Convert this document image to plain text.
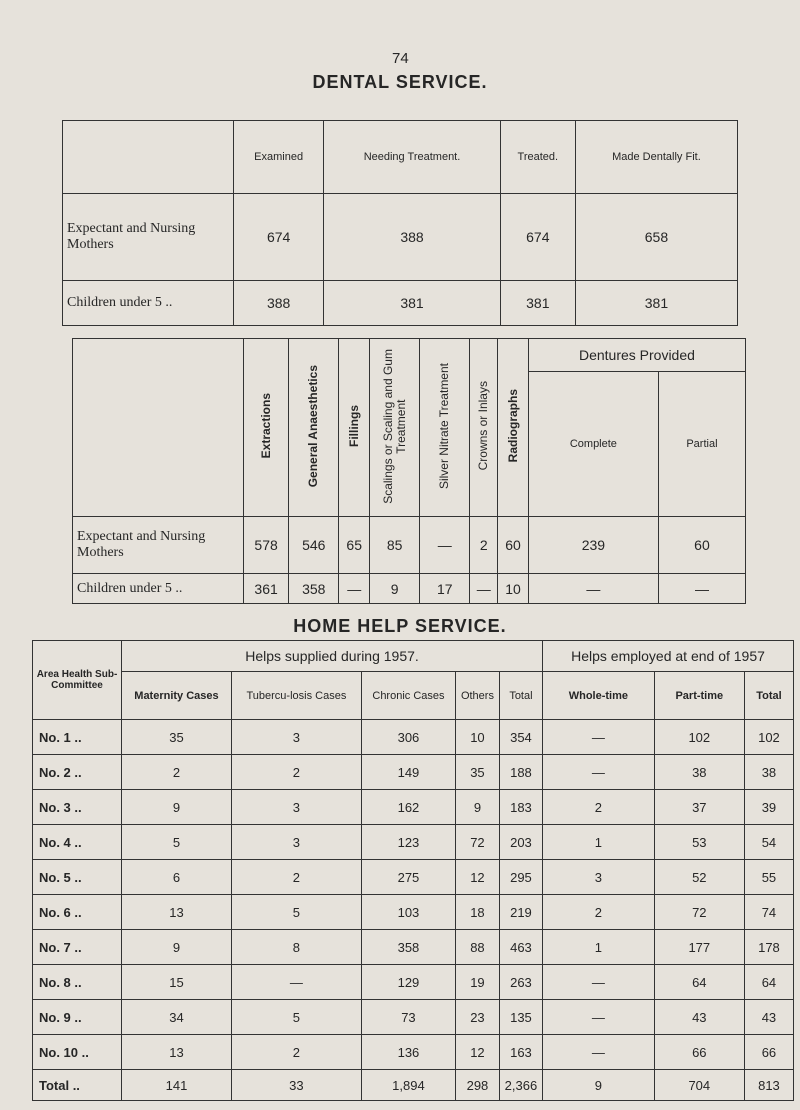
74
DENTAL SERVICE.
	Examined	Needing Treatment.	Treated.	Made Dentally Fit.
Expectant and Nursing Mothers	674	388	674	658
Children under 5 ..	388	381	381	381
	Extractions	General Anaesthetics	Fillings	Scalings or Scaling and Gum Treatment	Silver Nitrate Treatment	Crowns or Inlays	Radiographs	Dentures Provided	
								Complete	Partial
Expectant and Nursing Mothers	578	546	65	85	—	2	60	239	60
Children under 5 ..	361	358	—	9	17	—	10	—	—
HOME HELP SERVICE.
Area Health Sub-Committee	Helps supplied during 1957.					Helps employed at end of 1957		
	Maternity Cases	Tubercu-losis Cases	Chronic Cases	Others	Total	Whole-time	Part-time	Total
No. 1 ..	35	3	306	10	354	—	102	102
No. 2 ..	2	2	149	35	188	—	38	38
No. 3 ..	9	3	162	9	183	2	37	39
No. 4 ..	5	3	123	72	203	1	53	54
No. 5 ..	6	2	275	12	295	3	52	55
No. 6 ..	13	5	103	18	219	2	72	74
No. 7 ..	9	8	358	88	463	1	177	178
No. 8 ..	15	—	129	19	263	—	64	64
No. 9 ..	34	5	73	23	135	—	43	43
No. 10 ..	13	2	136	12	163	—	66	66
Total ..	141	33	1,894	298	2,366	9	704	813
